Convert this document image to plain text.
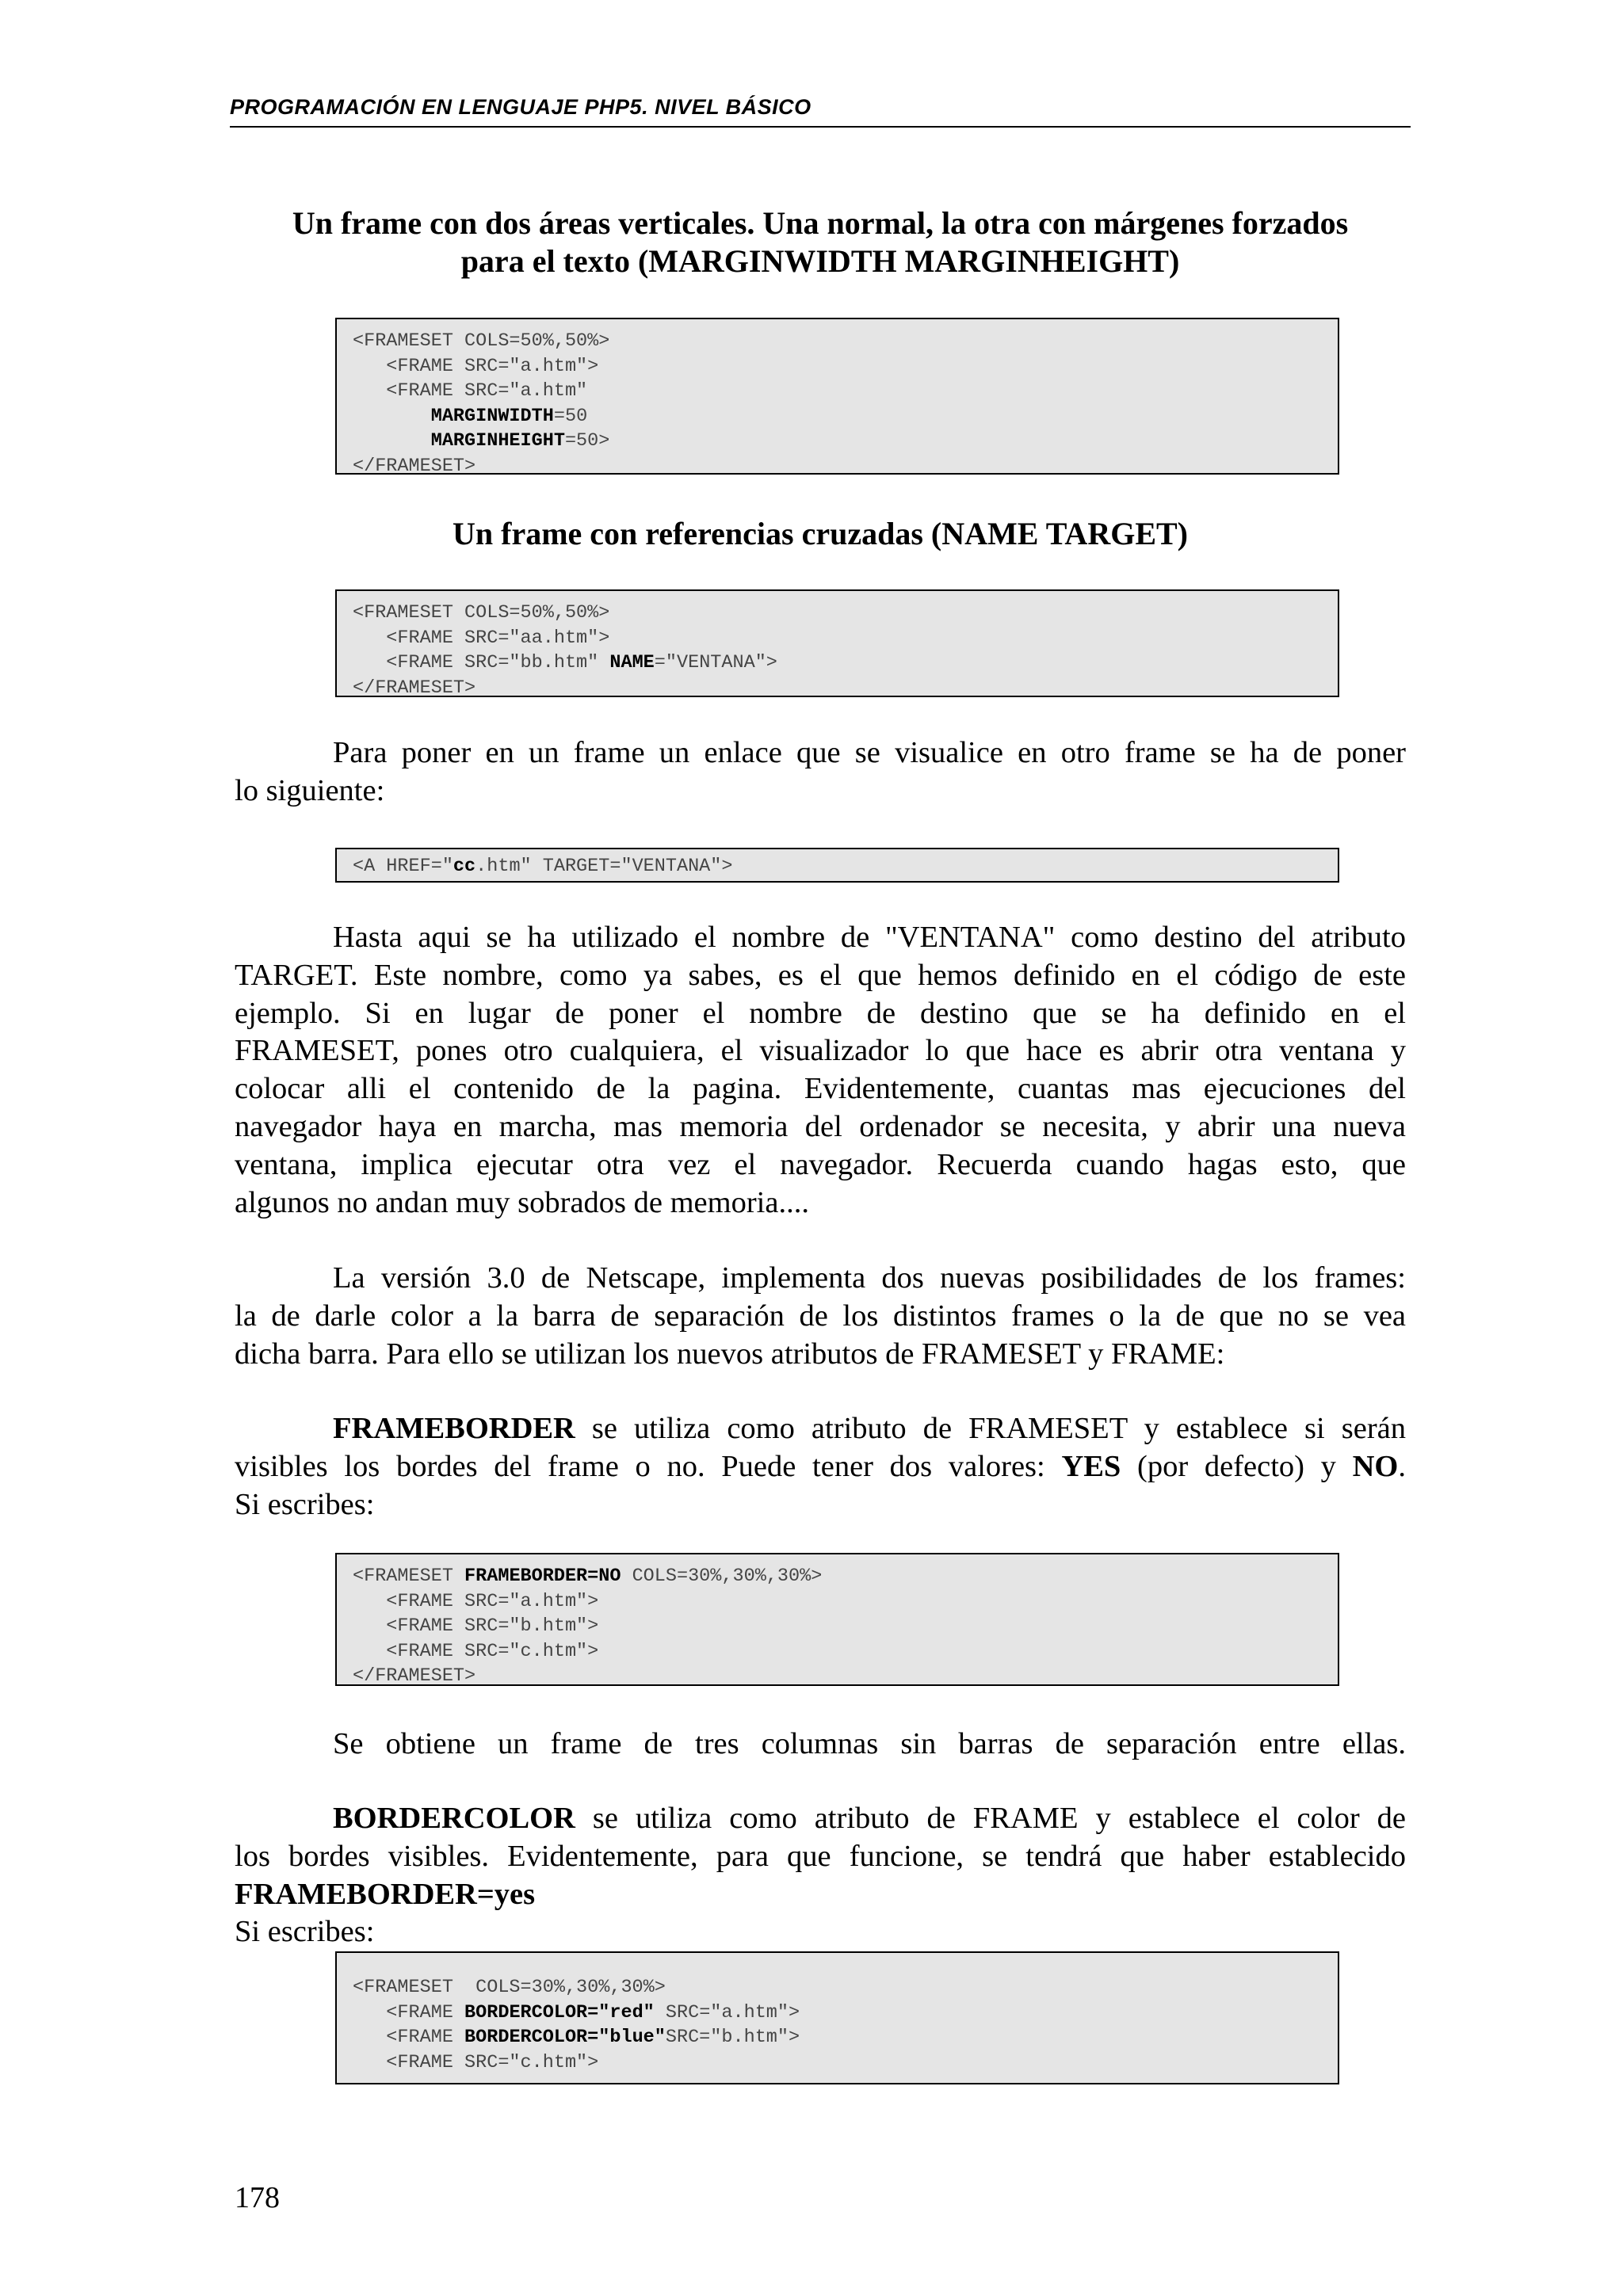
PROGRAMACIÓN EN LENGUAJE PHP5. NIVEL BÁSICO
Un frame con dos áreas verticales. Una normal, la otra con márgenes forzados
para el texto (MARGINWIDTH MARGINHEIGHT)
<FRAMESET COLS=50%,50%>
<FRAME SRC="a.htm">
<FRAME SRC="a.htm"
MARGINWIDTH=50
MARGINHEIGHT=50>
</FRAMESET>
Un frame con referencias cruzadas (NAME TARGET)
<FRAMESET COLS=50%,50%>
<FRAME SRC="aa.htm">
<FRAME SRC="bb.htm" NAME="VENTANA">
</FRAMESET>
Para poner en un frame un enlace que se visualice en otro frame se ha de poner
lo siguiente:
<A HREF="cc.htm" TARGET="VENTANA">
Hasta aqui se ha utilizado el nombre de "VENTANA" como destino del atributo
TARGET. Este nombre, como ya sabes, es el que hemos definido en el código de este
ejemplo. Si en lugar de poner el nombre de destino que se ha definido en el
FRAMESET, pones otro cualquiera, el visualizador lo que hace es abrir otra ventana y
colocar alli el contenido de la pagina. Evidentemente, cuantas mas ejecuciones del
navegador haya en marcha, mas memoria del ordenador se necesita, y abrir una nueva
ventana, implica ejecutar otra vez el navegador. Recuerda cuando hagas esto, que
algunos no andan muy sobrados de memoria....
La versión 3.0 de Netscape, implementa dos nuevas posibilidades de los frames:
la de darle color a la barra de separación de los distintos frames o la de que no se vea
dicha barra. Para ello se utilizan los nuevos atributos de FRAMESET y FRAME:
FRAMEBORDER se utiliza como atributo de FRAMESET y establece si serán
visibles los bordes del frame o no. Puede tener dos valores: YES (por defecto) y NO.
Si escribes:
<FRAMESET FRAMEBORDER=NO COLS=30%,30%,30%>
<FRAME SRC="a.htm">
<FRAME SRC="b.htm">
<FRAME SRC="c.htm">
</FRAMESET>
Se obtiene un frame de tres columnas sin barras de separación entre ellas.
BORDERCOLOR se utiliza como atributo de FRAME y establece el color de
los bordes visibles. Evidentemente, para que funcione, se tendrá que haber establecido
FRAMEBORDER=yes
Si escribes:
<FRAMESET  COLS=30%,30%,30%>
<FRAME BORDERCOLOR="red" SRC="a.htm">
<FRAME BORDERCOLOR="blue"SRC="b.htm">
<FRAME SRC="c.htm">
178
